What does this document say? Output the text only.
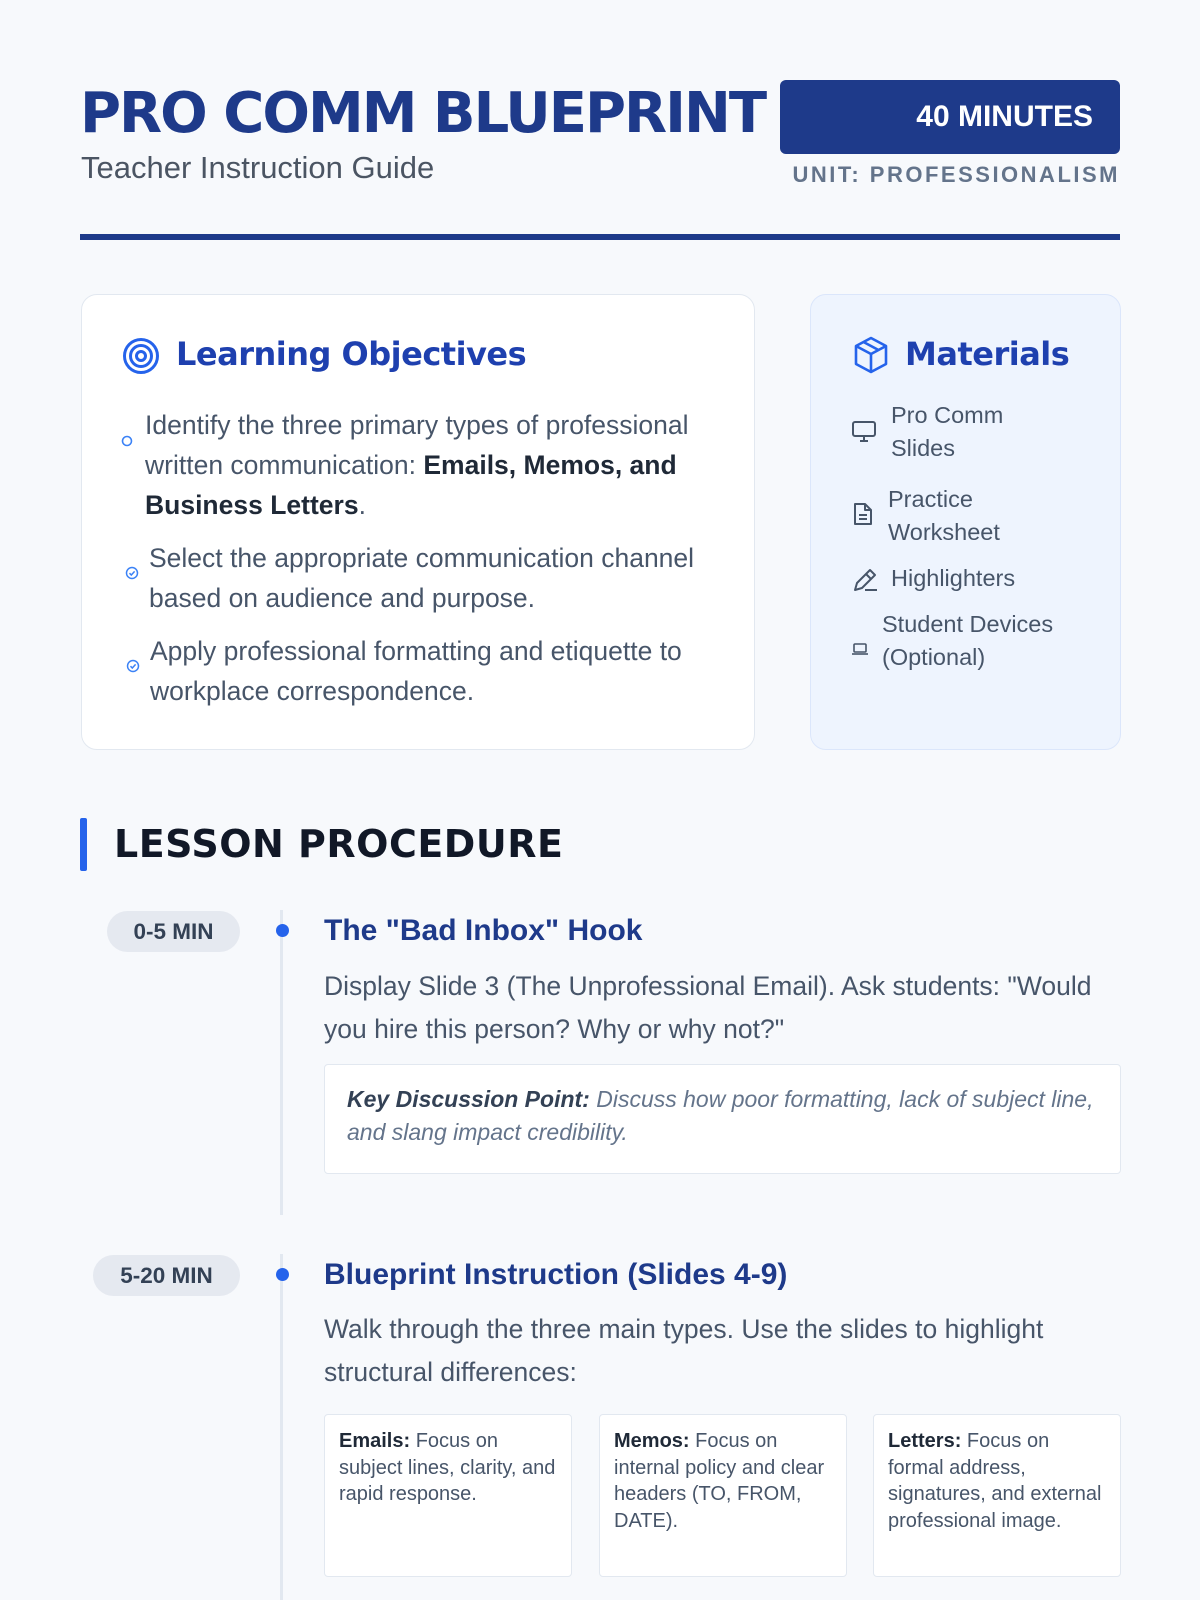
PRO COMM BLUEPRINT
Teacher Instruction Guide
40 MINUTES
UNIT: PROFESSIONALISM
Learning Objectives
Identify the three primary types of professional written communication: Emails, Memos, and Business Letters.
Select the appropriate communication channel based on audience and purpose.
Apply professional formatting and etiquette to workplace correspondence.
Materials
Pro Comm Slides
Practice Worksheet
Highlighters
Student Devices (Optional)
LESSON PROCEDURE
0-5 MIN	The "Bad Inbox" Hook
Display Slide 3 (The Unprofessional Email). Ask students: "Would you hire this person? Why or why not?"
Key Discussion Point: Discuss how poor formatting, lack of subject line, and slang impact credibility.
5-20 MIN	Blueprint Instruction (Slides 4-9)
Walk through the three main types. Use the slides to highlight structural differences:
Emails: Focus on subject lines, clarity, and rapid response.
Memos: Focus on internal policy and clear headers (TO, FROM, DATE).
Letters: Focus on formal address, signatures, and external professional image.
